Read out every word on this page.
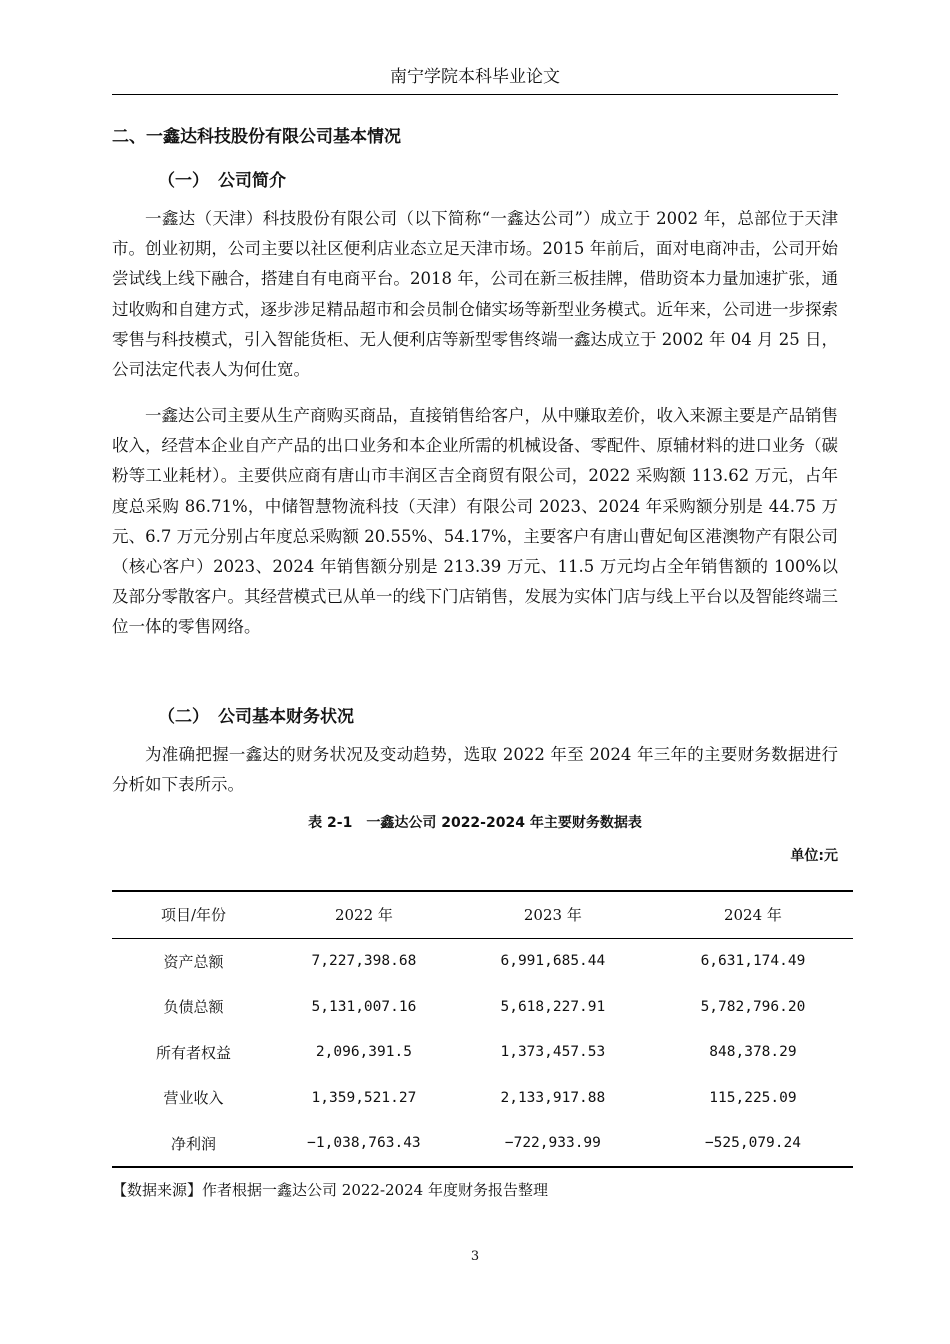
南宁学院本科毕业论文
二、一鑫达科技股份有限公司基本情况
（一） 公司简介
一鑫达（天津）科技股份有限公司（以下简称“一鑫达公司”）成立于 2002 年，总部位于天津市。创业初期，公司主要以社区便利店业态立足天津市场。2015 年前后，面对电商冲击，公司开始尝试线上线下融合，搭建自有电商平台。2018 年，公司在新三板挂牌，借助资本力量加速扩张，通过收购和自建方式，逐步涉足精品超市和会员制仓储实场等新型业务模式。近年来，公司进一步探索零售与科技模式，引入智能货柜、无人便利店等新型零售终端一鑫达成立于 2002 年 04 月 25 日，公司法定代表人为何仕宽。
一鑫达公司主要从生产商购买商品，直接销售给客户，从中赚取差价，收入来源主要是产品销售收入，经营本企业自产产品的出口业务和本企业所需的机械设备、零配件、原辅材料的进口业务（碳粉等工业耗材）。主要供应商有唐山市丰润区吉全商贸有限公司，2022 采购额 113.62 万元，占年度总采购 86.71%，中储智慧物流科技（天津）有限公司 2023、2024 年采购额分别是 44.75 万元、6.7 万元分别占年度总采购额 20.55%、54.17%，主要客户有唐山曹妃甸区港澳物产有限公司（核心客户）2023、2024 年销售额分别是 213.39 万元、11.5 万元均占全年销售额的 100%以及部分零散客户。其经营模式已从单一的线下门店销售，发展为实体门店与线上平台以及智能终端三位一体的零售网络。
（二） 公司基本财务状况
为准确把握一鑫达的财务状况及变动趋势，选取 2022 年至 2024 年三年的主要财务数据进行分析如下表所示。
表 2-1　一鑫达公司 2022-2024 年主要财务数据表
单位:元
项目/年份	2022 年	2023 年	2024 年
资产总额	7,227,398.68	6,991,685.44	6,631,174.49
负债总额	5,131,007.16	5,618,227.91	5,782,796.20
所有者权益	2,096,391.5	1,373,457.53	848,378.29
营业收入	1,359,521.27	2,133,917.88	115,225.09
净利润	−1,038,763.43	−722,933.99	−525,079.24
【数据来源】作者根据一鑫达公司 2022-2024 年度财务报告整理
3
